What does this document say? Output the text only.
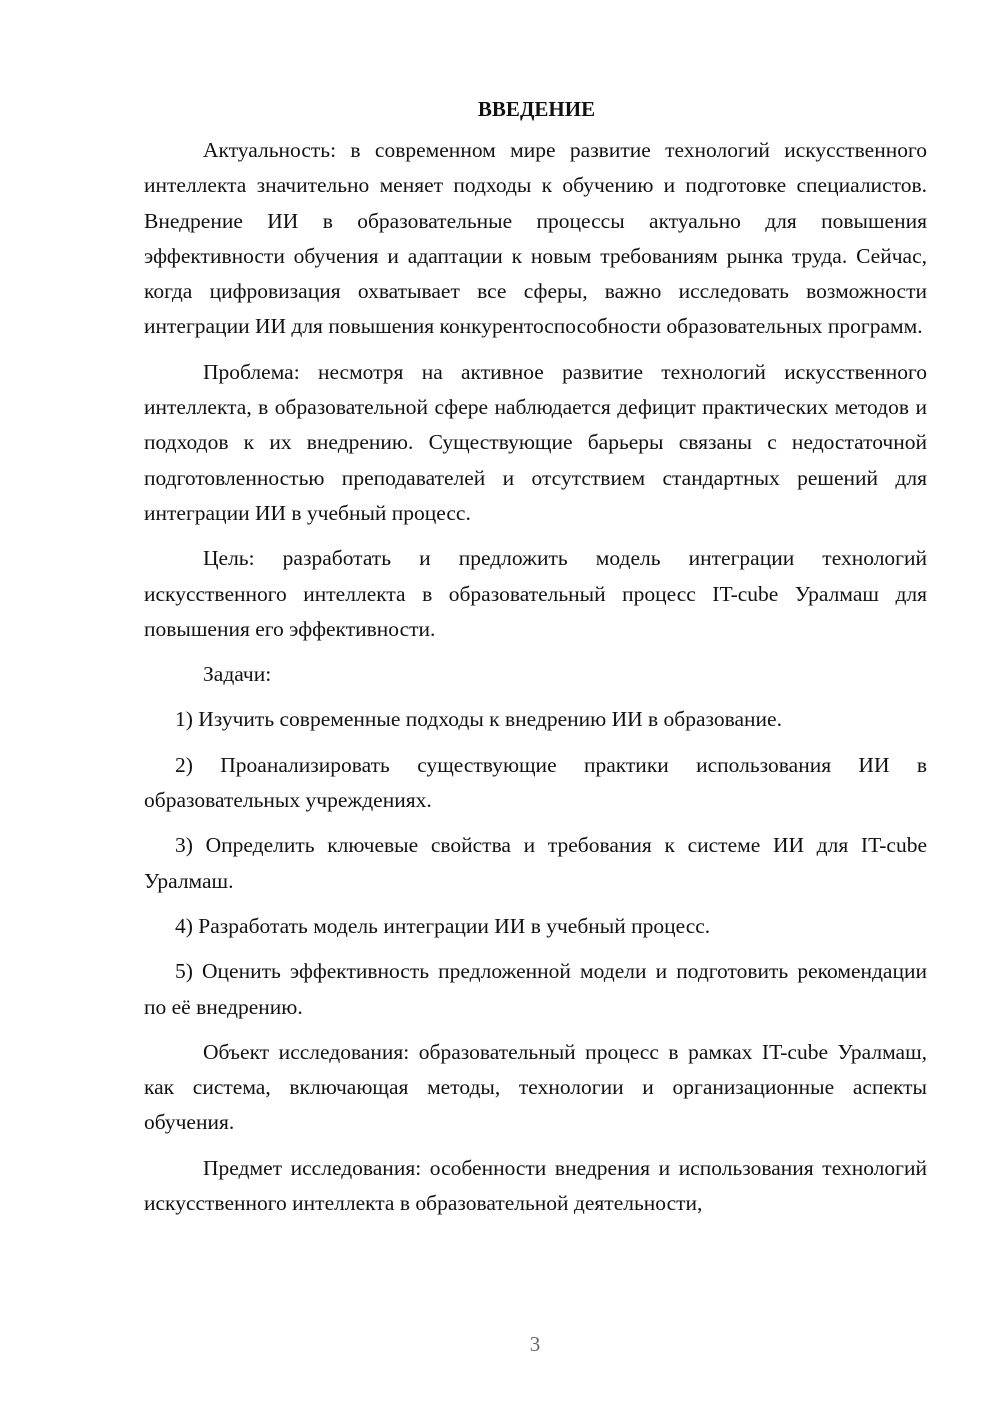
ВВЕДЕНИЕ

Актуальность: в современном мире развитие технологий искусственного интеллекта значительно меняет подходы к обучению и подготовке специалистов. Внедрение ИИ в образовательные процессы актуально для повышения эффективности обучения и адаптации к новым требованиям рынка труда. Сейчас, когда цифровизация охватывает все сферы, важно исследовать возможности интеграции ИИ для повышения конкурентоспособности образовательных программ.

Проблема: несмотря на активное развитие технологий искусственного интеллекта, в образовательной сфере наблюдается дефицит практических методов и подходов к их внедрению. Существующие барьеры связаны с недостаточной подготовленностью преподавателей и отсутствием стандартных решений для интеграции ИИ в учебный процесс.

Цель: разработать и предложить модель интеграции технологий искусственного интеллекта в образовательный процесс IT-cube Уралмаш для повышения его эффективности.

Задачи:

1) Изучить современные подходы к внедрению ИИ в образование.

2) Проанализировать существующие практики использования ИИ в образовательных учреждениях.

3) Определить ключевые свойства и требования к системе ИИ для IT-cube Уралмаш.

4) Разработать модель интеграции ИИ в учебный процесс.

5) Оценить эффективность предложенной модели и подготовить рекомендации по её внедрению.

Объект исследования: образовательный процесс в рамках IT-cube Уралмаш, как система, включающая методы, технологии и организационные аспекты обучения.

Предмет исследования: особенности внедрения и использования технологий искусственного интеллекта в образовательной деятельности,

3
